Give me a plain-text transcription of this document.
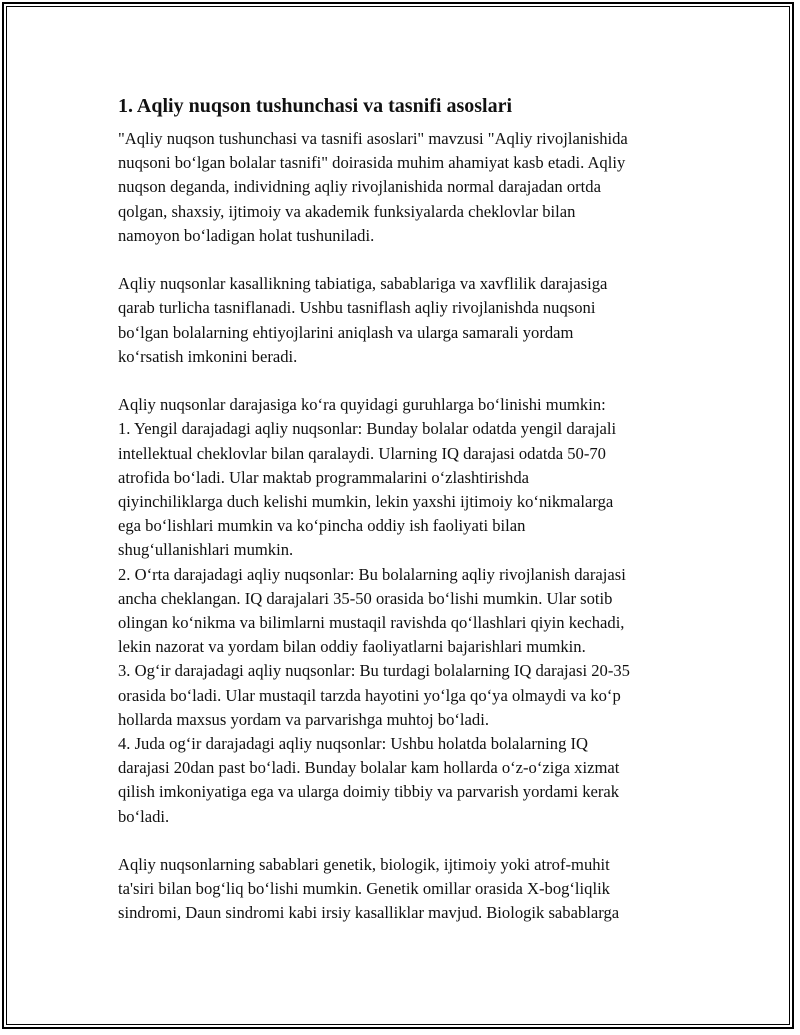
1. Aqliy nuqson tushunchasi va tasnifi asoslari
"Aqliy nuqson tushunchasi va tasnifi asoslari" mavzusi "Aqliy rivojlanishida
nuqsoni boʻlgan bolalar tasnifi" doirasida muhim ahamiyat kasb etadi. Aqliy
nuqson deganda, individning aqliy rivojlanishida normal darajadan ortda
qolgan, shaxsiy, ijtimoiy va akademik funksiyalarda cheklovlar bilan
namoyon boʻladigan holat tushuniladi.
Aqliy nuqsonlar kasallikning tabiatiga, sabablariga va xavflilik darajasiga
qarab turlicha tasniflanadi. Ushbu tasniflash aqliy rivojlanishda nuqsoni
boʻlgan bolalarning ehtiyojlarini aniqlash va ularga samarali yordam
koʻrsatish imkonini beradi.
Aqliy nuqsonlar darajasiga koʻra quyidagi guruhlarga boʻlinishi mumkin:
1. Yengil darajadagi aqliy nuqsonlar: Bunday bolalar odatda yengil darajali
intellektual cheklovlar bilan qaralaydi. Ularning IQ darajasi odatda 50-70
atrofida boʻladi. Ular maktab programmalarini oʻzlashtirishda
qiyinchiliklarga duch kelishi mumkin, lekin yaxshi ijtimoiy koʻnikmalarga
ega boʻlishlari mumkin va koʻpincha oddiy ish faoliyati bilan
shugʻullanishlari mumkin.
2. Oʻrta darajadagi aqliy nuqsonlar: Bu bolalarning aqliy rivojlanish darajasi
ancha cheklangan. IQ darajalari 35-50 orasida boʻlishi mumkin. Ular sotib
olingan koʻnikma va bilimlarni mustaqil ravishda qoʻllashlari qiyin kechadi,
lekin nazorat va yordam bilan oddiy faoliyatlarni bajarishlari mumkin.
3. Ogʻir darajadagi aqliy nuqsonlar: Bu turdagi bolalarning IQ darajasi 20-35
orasida boʻladi. Ular mustaqil tarzda hayotini yoʻlga qoʻya olmaydi va koʻp
hollarda maxsus yordam va parvarishga muhtoj boʻladi.
4. Juda ogʻir darajadagi aqliy nuqsonlar: Ushbu holatda bolalarning IQ
darajasi 20dan past boʻladi. Bunday bolalar kam hollarda oʻz-oʻziga xizmat
qilish imkoniyatiga ega va ularga doimiy tibbiy va parvarish yordami kerak
boʻladi.
Aqliy nuqsonlarning sabablari genetik, biologik, ijtimoiy yoki atrof-muhit
ta'siri bilan bogʻliq boʻlishi mumkin. Genetik omillar orasida X-bogʻliqlik
sindromi, Daun sindromi kabi irsiy kasalliklar mavjud. Biologik sabablarga
